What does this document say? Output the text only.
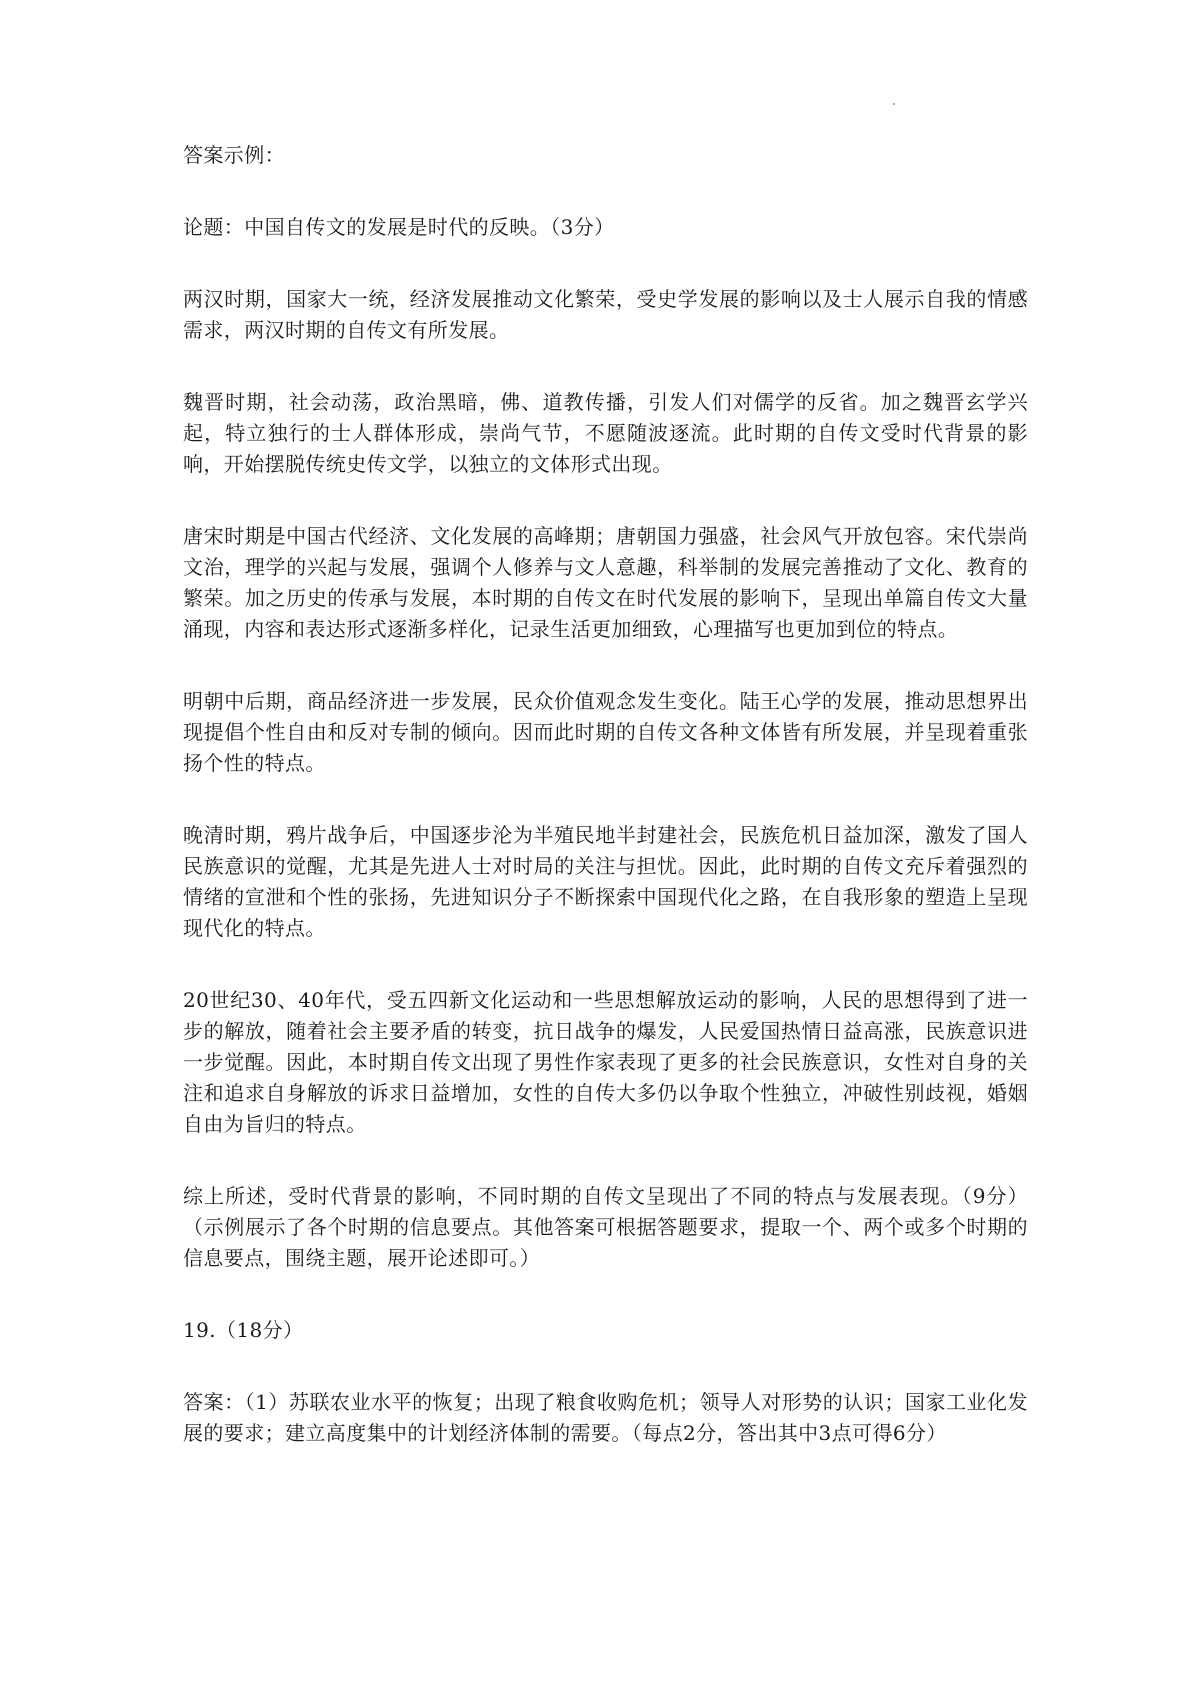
答案示例：

论题：中国自传文的发展是时代的反映。（3分）

两汉时期，国家大一统，经济发展推动文化繁荣，受史学发展的影响以及士人展示自我的情感需求，两汉时期的自传文有所发展。

魏晋时期，社会动荡，政治黑暗，佛、道教传播，引发人们对儒学的反省。加之魏晋玄学兴起，特立独行的士人群体形成，崇尚气节，不愿随波逐流。此时期的自传文受时代背景的影响，开始摆脱传统史传文学，以独立的文体形式出现。

唐宋时期是中国古代经济、文化发展的高峰期；唐朝国力强盛，社会风气开放包容。宋代崇尚文治，理学的兴起与发展，强调个人修养与文人意趣，科举制的发展完善推动了文化、教育的繁荣。加之历史的传承与发展，本时期的自传文在时代发展的影响下，呈现出单篇自传文大量涌现，内容和表达形式逐渐多样化，记录生活更加细致，心理描写也更加到位的特点。

明朝中后期，商品经济进一步发展，民众价值观念发生变化。陆王心学的发展，推动思想界出现提倡个性自由和反对专制的倾向。因而此时期的自传文各种文体皆有所发展，并呈现着重张扬个性的特点。

晚清时期，鸦片战争后，中国逐步沦为半殖民地半封建社会，民族危机日益加深，激发了国人民族意识的觉醒，尤其是先进人士对时局的关注与担忧。因此，此时期的自传文充斥着强烈的情绪的宣泄和个性的张扬，先进知识分子不断探索中国现代化之路，在自我形象的塑造上呈现现代化的特点。

20世纪30、40年代，受五四新文化运动和一些思想解放运动的影响，人民的思想得到了进一步的解放，随着社会主要矛盾的转变，抗日战争的爆发，人民爱国热情日益高涨，民族意识进一步觉醒。因此，本时期自传文出现了男性作家表现了更多的社会民族意识，女性对自身的关注和追求自身解放的诉求日益增加，女性的自传大多仍以争取个性独立，冲破性别歧视，婚姻自由为旨归的特点。

综上所述，受时代背景的影响，不同时期的自传文呈现出了不同的特点与发展表现。（9分）（示例展示了各个时期的信息要点。其他答案可根据答题要求，提取一个、两个或多个时期的信息要点，围绕主题，展开论述即可。）

19.（18分）

答案：（1）苏联农业水平的恢复；出现了粮食收购危机；领导人对形势的认识；国家工业化发展的要求；建立高度集中的计划经济体制的需要。（每点2分，答出其中3点可得6分）
